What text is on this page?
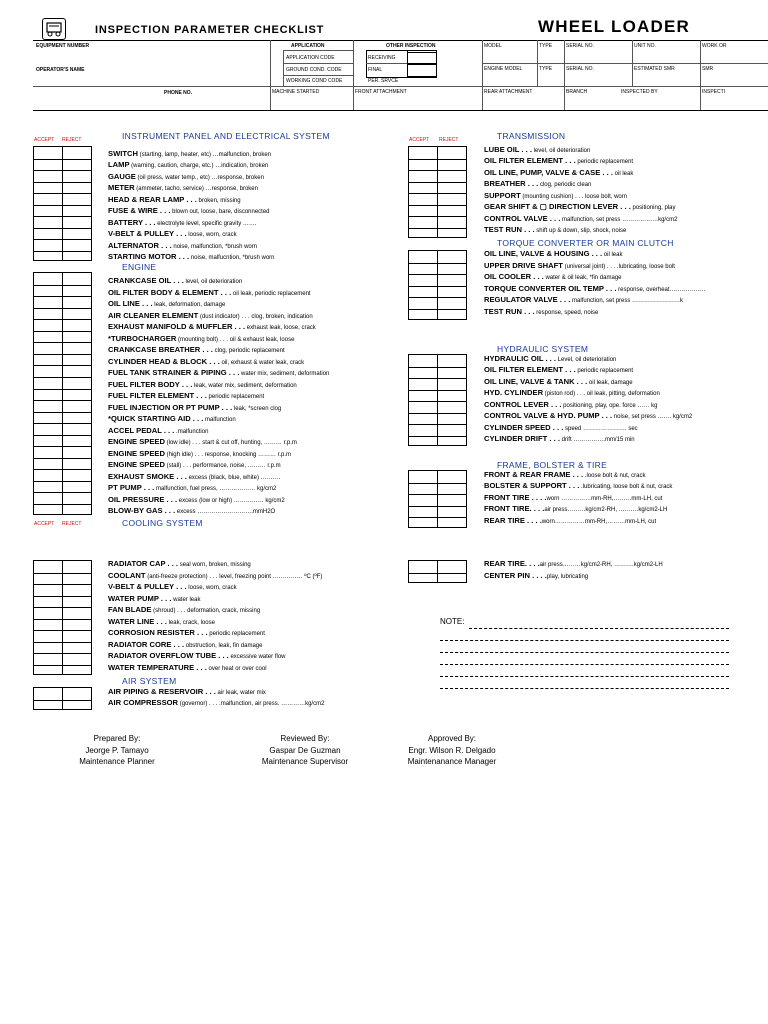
INSPECTION PARAMETER CHECKLIST	WHEEL LOADER
EQUIPMENT NUMBER
OPERATOR'S NAME
PHONE NO.
APPLICATION
APPLICATION CODE
GROUND COND. CODE
WORKING COND CODE
MACHINE STARTED
OTHER INSPECTION
RECEIVING
FINAL
PER. SRVCE
FRONT ATTACHMENT
MODEL	TYPE	SERIAL NO.	UNIT NO.	WORK OR
ENGINE MODEL	TYPE	SERIAL NO.	ESTIMATED SMR	SMR
REAR ATTACHMENT	BRANCH	INSPECTED BY	INSPECTI
ACCEPT REJECT	ACCEPT REJECT
ACCEPT REJECT
INSTRUMENT PANEL AND ELECTRICAL SYSTEM
ENGINE
COOLING SYSTEM
AIR SYSTEM
TRANSMISSION
TORQUE CONVERTER OR MAIN CLUTCH
HYDRAULIC SYSTEM
FRAME, BOLSTER & TIRE
SWITCH (starting, lamp, heater, etc) …malfunction, broken
LAMP (warning, caution, charge, etc.) …indication, broken
GAUGE (oil press, water temp., etc) …response, broken
METER (ammeter, tacho, service) …response, broken
HEAD & REAR LAMP . . . broken, missing
FUSE & WIRE . . . blown out, loose, bare, disconnected
BATTERY . . . electrolyte level, specific gravity …….
V-BELT & PULLEY . . . loose, worn, crack
ALTERNATOR . . . noise, malfunction, *brush worn
STARTING MOTOR . . . noise, malfucntion, *brush worn
CRANKCASE OIL . . . level, oil deterioration
OIL FILTER BODY & ELEMENT . . . oil leak, periodic replacement
OIL LINE . . . leak, deformation, damage
AIR CLEANER ELEMENT (dust indicator) . . . clog, broken, indication
EXHAUST MANIFOLD & MUFFLER . . . exhaust leak, loose, crack
*TURBOCHARGER (mounting bolt) . . . oil & exhaust leak, loose
CRANKCASE BREATHER . . . clog, periodic replacement
CYLINDER HEAD & BLOCK . . . oil, exhaust & water leak, crack
FUEL TANK STRAINER & PIPING . . . water mix, sediment, deformation
FUEL FILTER BODY . . . leak, water mix, sediment, deformation
FUEL FILTER ELEMENT . . . periodic replacement
FUEL INJECTION OR PT PUMP . . . leak, *screen clog
*QUICK STARTING AID . . . malfunction
ACCEL PEDAL . . . .malfunction
ENGINE SPEED (low idle) . . . start & cut off, hunting, ……… r.p.m
ENGINE SPEED (high idle) . . . response, knocking ……… r.p.m
ENGINE SPEED (stall) . . . performance, noise, ……… r.p.m
EXHAUST SMOKE . . . excess (black, blue, white) ……….
PT PUMP . . . malfunction, fuel press, ……………… kg/cm2
OIL PRESSURE . . . excess (low or high) …………… kg/cm2
BLOW-BY GAS . . . excess ……………………….mmH2O
RADIATOR CAP . . . seal worn, broken, missing
COOLANT (anti-freeze protection) . . . level, freezing point …………… ºC (ºF)
V-BELT & PULLEY . . . loose, worn, crack
WATER PUMP . . . water leak
FAN BLADE (shroud) . . . deformation, crack, missing
WATER LINE . . . leak, crack, loose
CORROSION RESISTER . . . periodic replacement
RADIATOR CORE . . . obstruction, leak, fin damage
RADIATOR OVERFLOW TUBE . . . excessive water flow
WATER TEMPERATURE . . . over heat or over cool
AIR PIPING & RESERVOIR . . . air leak, water mix
AIR COMPRESSOR (governor) . . . .malfunction, air press. …………kg/cm2
LUBE OIL . . . level, oil deterioration
OIL FILTER ELEMENT . . . periodic replacement
OIL LINE, PUMP, VALVE & CASE . . . oil leak
BREATHER . . . clog, periodic clean
SUPPORT (mounting cushion) . . . loose bolt, worn
GEAR SHIFT & ▢ DIRECTION LEVER . . . positioning, play
CONTROL VALVE . . . malfunction, set press ………………kg/cm2
TEST RUN . . . shift up & down, slip, shock, noise
OIL LINE, VALVE & HOUSING . . . oil leak
UPPER DRIVE SHAFT (universal joint) . . . .lubricating, loose bolt
OIL COOLER . . . water & oil leak, *fin damage
TORQUE CONVERTER OIL TEMP . . . response, overheat………………
REGULATOR VALVE . . . malfunction, set press ……………………k
TEST RUN . . . response, speed, noise
HYDRAULIC OIL . . . Level, oil deterioration
OIL FILTER ELEMENT . . . periodic replacement
OIL LINE, VALVE & TANK . . . oil leak, damage
HYD. CYLINDER (piston rod) . . . oil leak, pitting, deformation
CONTROL LEVER . . . positioning, play, ope. force …… kg
CONTROL VALVE & HYD. PUMP . . . noise, set press ……. kg/cm2
CYLINDER SPEED . . . speed …………………. sec
CYLINDER DRIFT . . . drift …………….mm/15 min
FRONT & REAR FRAME . . . .loose bolt & nut, crack
BOLSTER & SUPPORT . . . .lubricating, loose bolt & nut, crack
FRONT TIRE . . . .worn ……………mm-RH,………mm-LH, cut
FRONT TIRE. . . .air press………kg/cm2-RH, ……….kg/cm2-LH
REAR TIRE . . . .worn……………mm-RH,………mm-LH, cut
REAR TIRE. . . .air press………kg/cm2-RH, ……….kg/cm2-LH
CENTER PIN . . . .play, lubricating
NOTE:
Prepared By:
Jeorge P. Tamayo
Maintenance Planner
Reviewed By:
Gaspar De Guzman
Maintenance Supervisor
Approved By:
Engr. Wilson R. Delgado
Maintenanance Manager
